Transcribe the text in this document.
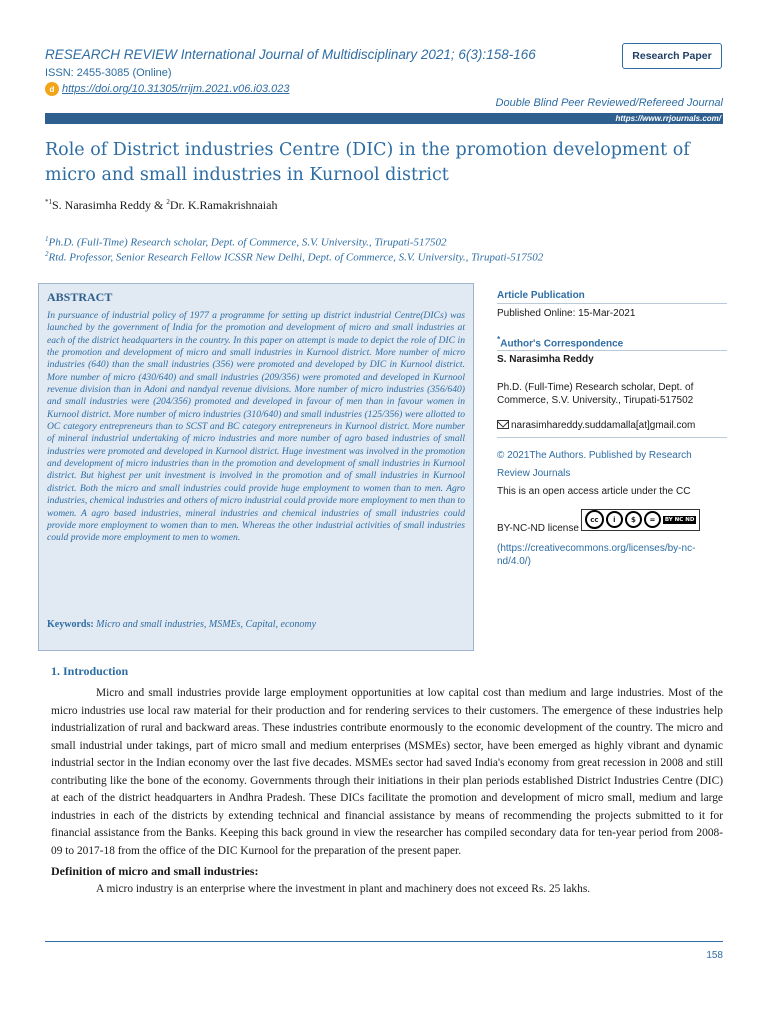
RESEARCH REVIEW International Journal of Multidisciplinary 2021; 6(3):158-166
ISSN: 2455-3085 (Online)
d https://doi.org/10.31305/rrijm.2021.v06.i03.023
Research Paper
Double Blind Peer Reviewed/Refereed Journal
https://www.rrjournals.com/
Role of District industries Centre (DIC) in the promotion development of micro and small industries in Kurnool district
$^{*1}$S. Narasimha Reddy & $^2$Dr. K.Ramakrishnaiah
$^1$Ph.D. (Full-Time) Research scholar, Dept. of Commerce, S.V. University., Tirupati-517502
$^2$Rtd. Professor, Senior Research Fellow ICSSR New Delhi, Dept. of Commerce, S.V. University., Tirupati-517502
ABSTRACT
In pursuance of industrial policy of 1977 a programme for setting up district industrial Centre(DICs) was launched by the government of India for the promotion and development of micro and small industries at each of the district headquarters in the country. In this paper on attempt is made to depict the role of DIC in the promotion and development of micro and small industries in Kurnool district. More number of micro industries (640) than the small industries (356) were promoted and developed by DIC in Kurnool district. More number of micro (430/640) and small industries (209/356) were promoted and developed in Kurnool revenue division than in Adoni and nandyal revenue divisions. More number of micro industries (356/640) and small industries were (204/356) promoted and developed in favour of men than in favour women in Kurnool district. More number of micro industries (310/640) and small industries (125/356) were allotted to OC category entrepreneurs than to SCST and BC category entrepreneurs in Kurnool district. More number of mineral industrial undertaking of micro industries and more number of agro based industries of small industries were promoted and developed in Kurnool district. Huge investment was involved in the promotion and development of micro industries than in the promotion and development of small industries in Kurnool district. But highest per unit investment is involved in the promotion and of small industries in Kurnool district. Both the micro and small industries could provide huge employment to women than to men. Agro industries, chemical industries and others of micro industrial could provide more employment to men than to women. A agro based industries, mineral industries and chemical industries of small industries could provide more employment to women than to men. Whereas the other industrial activities of small industries could provide more employment to men to women.
Keywords: Micro and small industries, MSMEs, Capital, economy
Article Publication
Published Online: 15-Mar-2021
*Author's Correspondence
S. Narasimha Reddy
Ph.D. (Full-Time) Research scholar, Dept. of Commerce, S.V. University., Tirupati-517502
narasimhareddy.suddamalla[at]gmail.com
© 2021The Authors. Published by Research Review Journals
This is an open access article under the CC
BY-NC-ND license
cc	i	$	=	BY NC ND
(https://creativecommons.org/licenses/by-nc-nd/4.0/)
1. Introduction
Micro and small industries provide large employment opportunities at low capital cost than medium and large industries. Most of the micro industries use local raw material for their production and for rendering services to their customers. The emergence of these industries help industrialization of rural and backward areas. These industries contribute enormously to the economic development of the country. The micro and small industrial under takings, part of micro small and medium enterprises (MSMEs) sector, have been emerged as highly vibrant and dynamic industrial sector in the Indian economy over the last five decades. MSMEs sector had saved India's economy from great recession in 2008 and still contributing like the bone of the economy. Governments through their initiations in their plan periods established District Industries Centre (DIC) at each of the district headquarters in Andhra Pradesh. These DICs facilitate the promotion and development of micro small, medium and large industries in each of the districts by extending technical and financial assistance by means of recommending the projects submitted to it for financial assistance from the Banks. Keeping this back ground in view the researcher has compiled secondary data for ten-year period from 2008-09 to 2017-18 from the office of the DIC Kurnool for the preparation of the present paper.
Definition of micro and small industries:
A micro industry is an enterprise where the investment in plant and machinery does not exceed Rs. 25 lakhs.
158
